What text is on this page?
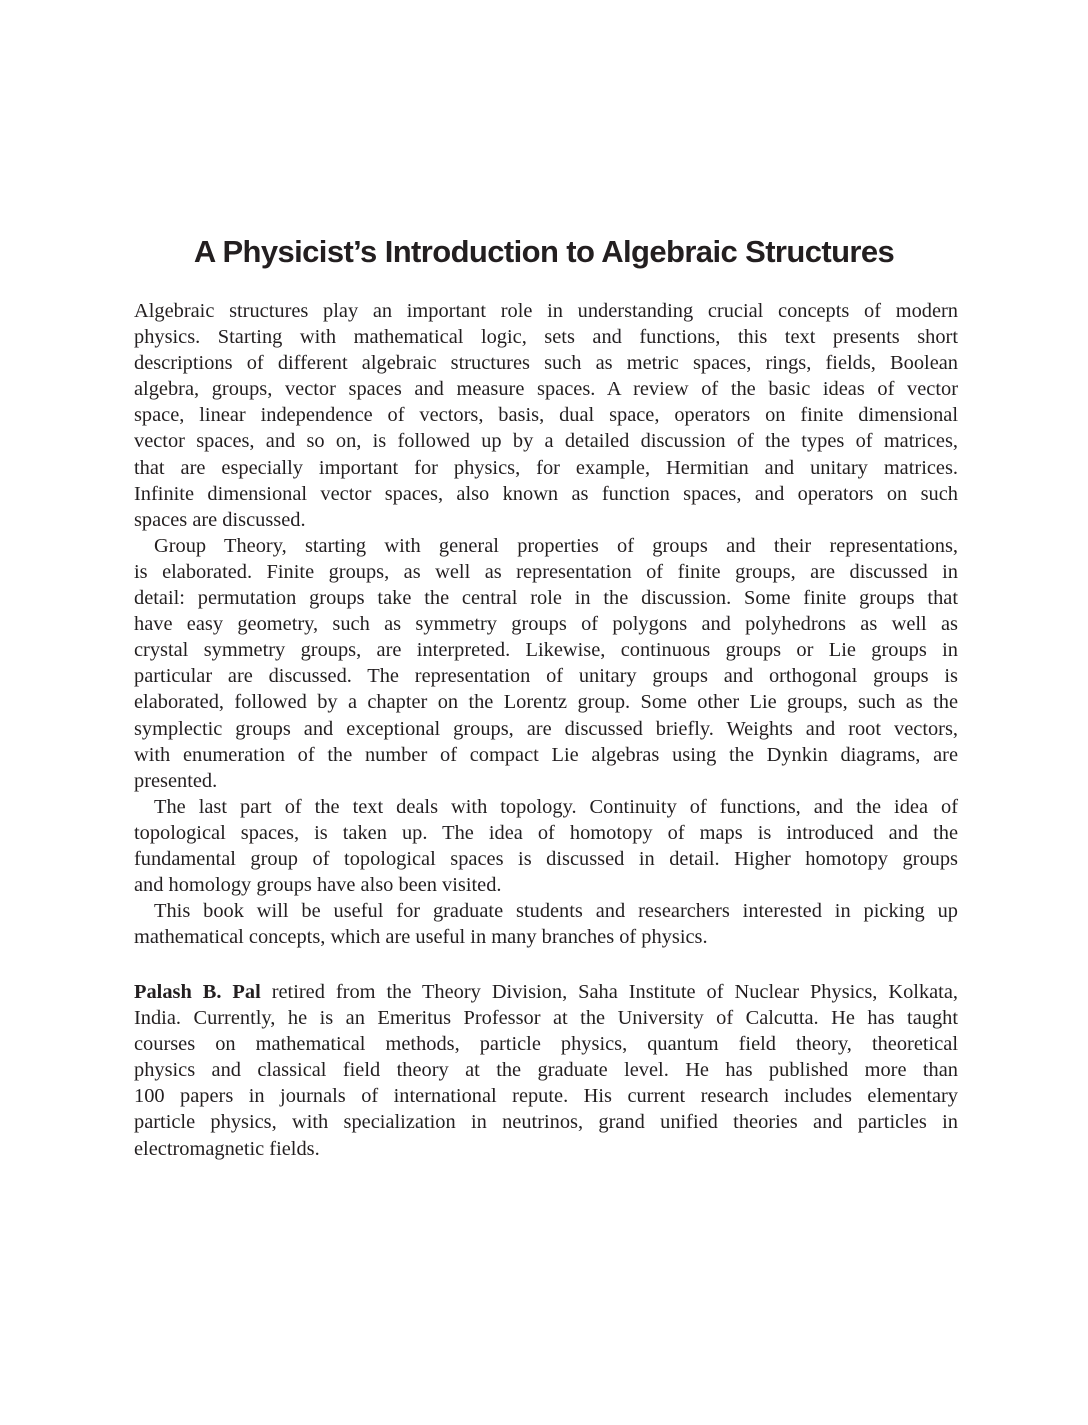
A Physicist’s Introduction to Algebraic Structures

Algebraic structures play an important role in understanding crucial concepts of modern
physics. Starting with mathematical logic, sets and functions, this text presents short
descriptions of different algebraic structures such as metric spaces, rings, fields, Boolean
algebra, groups, vector spaces and measure spaces. A review of the basic ideas of vector
space, linear independence of vectors, basis, dual space, operators on finite dimensional
vector spaces, and so on, is followed up by a detailed discussion of the types of matrices,
that are especially important for physics, for example, Hermitian and unitary matrices.
Infinite dimensional vector spaces, also known as function spaces, and operators on such
spaces are discussed.

Group Theory, starting with general properties of groups and their representations,
is elaborated. Finite groups, as well as representation of finite groups, are discussed in
detail: permutation groups take the central role in the discussion. Some finite groups that
have easy geometry, such as symmetry groups of polygons and polyhedrons as well as
crystal symmetry groups, are interpreted. Likewise, continuous groups or Lie groups in
particular are discussed. The representation of unitary groups and orthogonal groups is
elaborated, followed by a chapter on the Lorentz group. Some other Lie groups, such as the
symplectic groups and exceptional groups, are discussed briefly. Weights and root vectors,
with enumeration of the number of compact Lie algebras using the Dynkin diagrams, are
presented.

The last part of the text deals with topology. Continuity of functions, and the idea of
topological spaces, is taken up. The idea of homotopy of maps is introduced and the
fundamental group of topological spaces is discussed in detail. Higher homotopy groups
and homology groups have also been visited.

This book will be useful for graduate students and researchers interested in picking up
mathematical concepts, which are useful in many branches of physics.

Palash B. Pal retired from the Theory Division, Saha Institute of Nuclear Physics, Kolkata,
India. Currently, he is an Emeritus Professor at the University of Calcutta. He has taught
courses on mathematical methods, particle physics, quantum field theory, theoretical
physics and classical field theory at the graduate level. He has published more than
100 papers in journals of international repute. His current research includes elementary
particle physics, with specialization in neutrinos, grand unified theories and particles in
electromagnetic fields.
